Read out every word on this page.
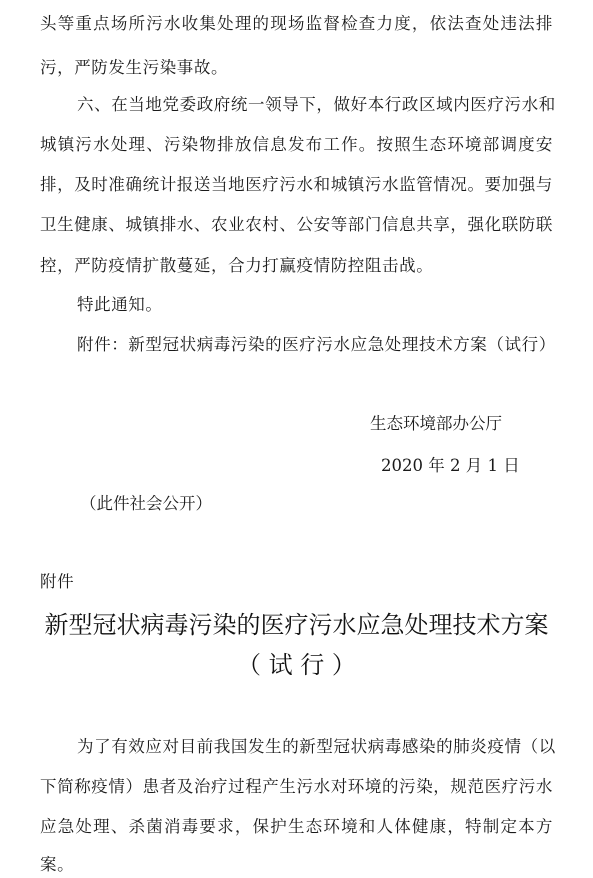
头等重点场所污水收集处理的现场监督检查力度，依法查处违法排
污，严防发生污染事故。
六、在当地党委政府统一领导下，做好本行政区域内医疗污水和
城镇污水处理、污染物排放信息发布工作。按照生态环境部调度安
排，及时准确统计报送当地医疗污水和城镇污水监管情况。要加强与
卫生健康、城镇排水、农业农村、公安等部门信息共享，强化联防联
控，严防疫情扩散蔓延，合力打赢疫情防控阻击战。
特此通知。
附件：新型冠状病毒污染的医疗污水应急处理技术方案（试行）
生态环境部办公厅
2020 年 2 月 1 日
（此件社会公开）
附件
新型冠状病毒污染的医疗污水应急处理技术方案
（ 试 行 ）
为了有效应对目前我国发生的新型冠状病毒感染的肺炎疫情（以
下简称疫情）患者及治疗过程产生污水对环境的污染，规范医疗污水
应急处理、杀菌消毒要求，保护生态环境和人体健康，特制定本方
案。
